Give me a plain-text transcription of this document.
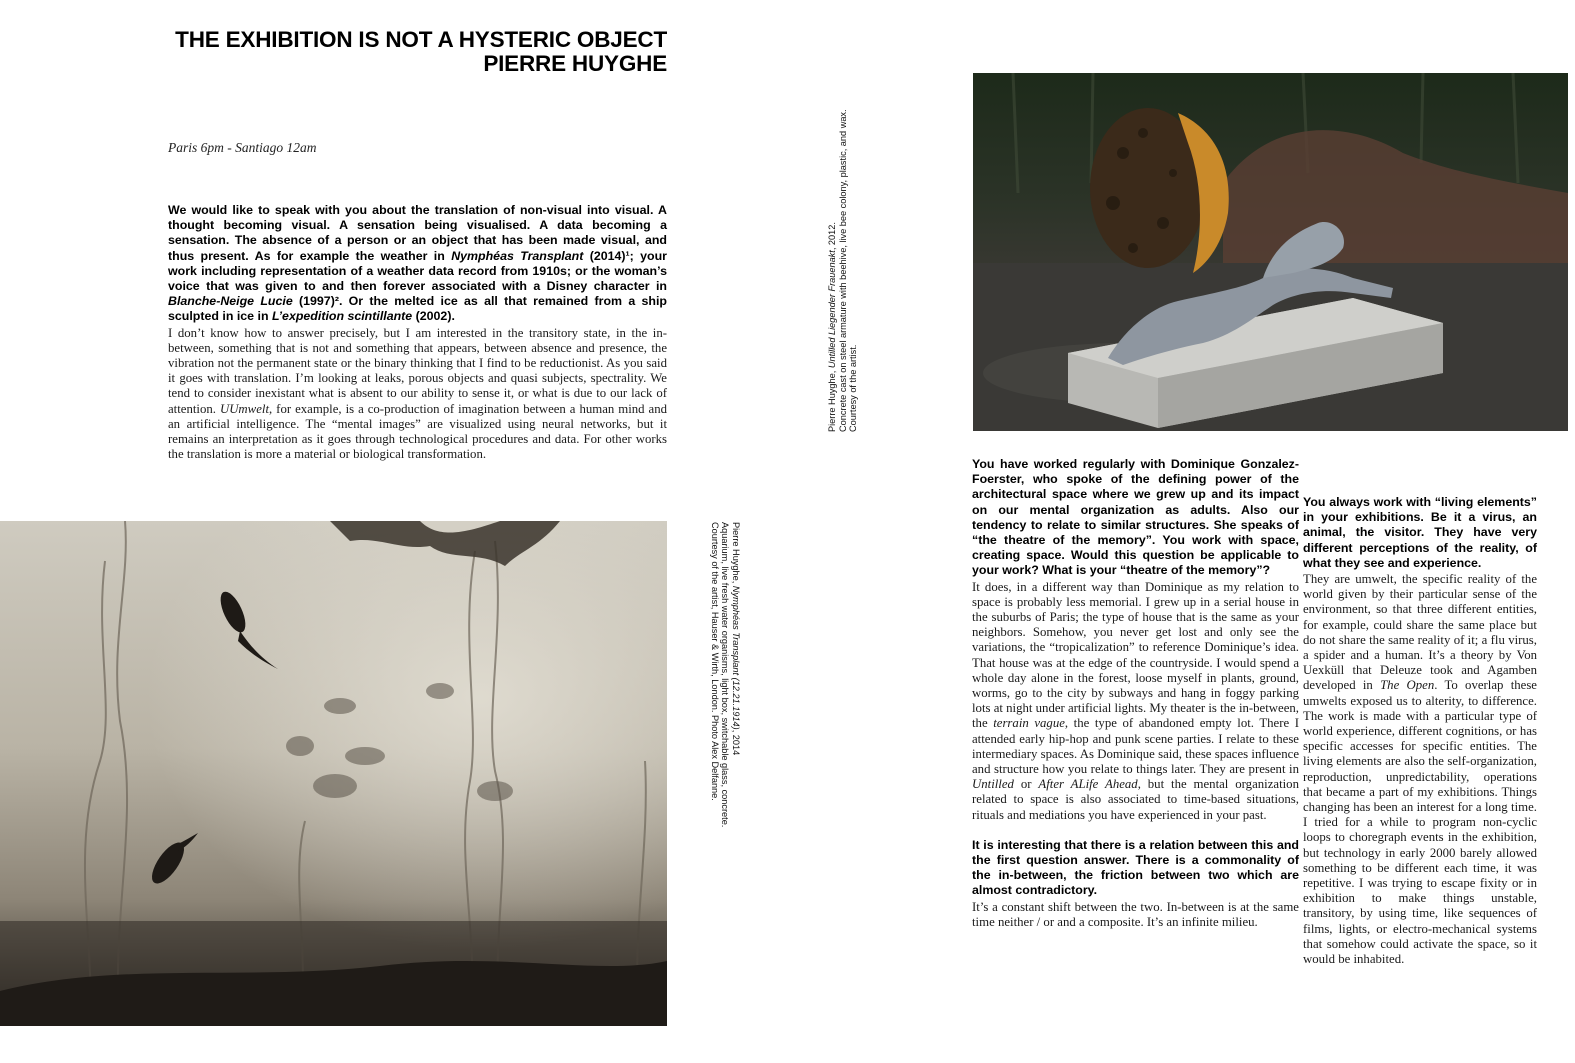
THE EXHIBITION IS NOT A HYSTERIC OBJECT
PIERRE HUYGHE
Paris 6pm - Santiago 12am

We would like to speak with you about the translation of non-visual into visual. A thought becoming visual. A sensation being visualised. A data becoming a sensation. The absence of a person or an object that has been made visual, and thus present. As for example the weather in Nymphéas Transplant (2014)¹; your work including representation of a weather data record from 1910s; or the woman’s voice that was given to and then forever associated with a Disney character in Blanche-Neige Lucie (1997)². Or the melted ice as all that remained from a ship sculpted in ice in L’expedition scintillante (2002).

I don’t know how to answer precisely, but I am interested in the transitory state, in the in-between, something that is not and something that appears, between absence and presence, the vibration not the permanent state or the binary thinking that I find to be reductionist. As you said it goes with translation. I’m looking at leaks, porous objects and quasi subjects, spectrality. We tend to consider inexistant what is absent to our ability to sense it, or what is due to our lack of attention. UUmwelt, for example, is a co-production of imagination between a human mind and an artificial intelligence. The “mental images” are visualized using neural networks, but it remains an interpretation as it goes through technological procedures and data. For other works the translation is more a material or biological transformation.

Pierre Huyghe, Nymphéas Transplant (12.21.1914), 2014
Aquarium, live fresh water organisms, light box, switchable glass, concrete.
Courtesy of the artist, Hauser & Wirth, London. Photo Alex Delfanne.
Pierre Huyghe, Untilled Liegender Frauenakt, 2012. Concrete cast on steel armature with beehive, live bee colony, plastic, and wax. Courtesy of the artist.

You have worked regularly with Dominique Gonzalez-Foerster, who spoke of the defining power of the architectural space where we grew up and its impact on our mental organization as adults. Also our tendency to relate to similar structures. She speaks of “the theatre of the memory”. You work with space, creating space. Would this question be applicable to your work? What is your “theatre of the memory”?

It does, in a different way than Dominique as my relation to space is probably less memorial. I grew up in a serial house in the suburbs of Paris; the type of house that is the same as your neighbors. Somehow, you never get lost and only see the variations, the “tropicalization” to reference Dominique’s idea. That house was at the edge of the countryside. I would spend a whole day alone in the forest, loose myself in plants, ground, worms, go to the city by subways and hang in foggy parking lots at night under artificial lights. My theater is the in-between, the terrain vague, the type of abandoned empty lot. There I attended early hip-hop and punk scene parties. I relate to these intermediary spaces. As Dominique said, these spaces influence and structure how you relate to things later. They are present in Untilled or After ALife Ahead, but the mental organization related to space is also associated to time-based situations, rituals and mediations you have experienced in your past.

It is interesting that there is a relation between this and the first question answer. There is a commonality of the in-between, the friction between two which are almost contradictory.

It’s a constant shift between the two. In-between is at the same time neither / or and a composite. It’s an infinite milieu.

You always work with “living elements” in your exhibitions. Be it a virus, an animal, the visitor. They have very different perceptions of the reality, of what they see and experience.

They are umwelt, the specific reality of the world given by their particular sense of the environment, so that three different entities, for example, could share the same place but do not share the same reality of it; a flu virus, a spider and a human. It’s a theory by Von Uexküll that Deleuze took and Agamben developed in The Open. To overlap these umwelts exposed us to alterity, to difference. The work is made with a particular type of world experience, different cognitions, or has specific accesses for specific entities. The living elements are also the self-organization, reproduction, unpredictability, operations that became a part of my exhibitions. Things changing has been an interest for a long time. I tried for a while to program non-cyclic loops to choregraph events in the exhibition, but technology in early 2000 barely allowed something to be different each time, it was repetitive. I was trying to escape fixity or in exhibition to make things unstable, transitory, by using time, like sequences of films, lights, or electro-mechanical systems that somehow could activate the space, so it would be inhabited.
